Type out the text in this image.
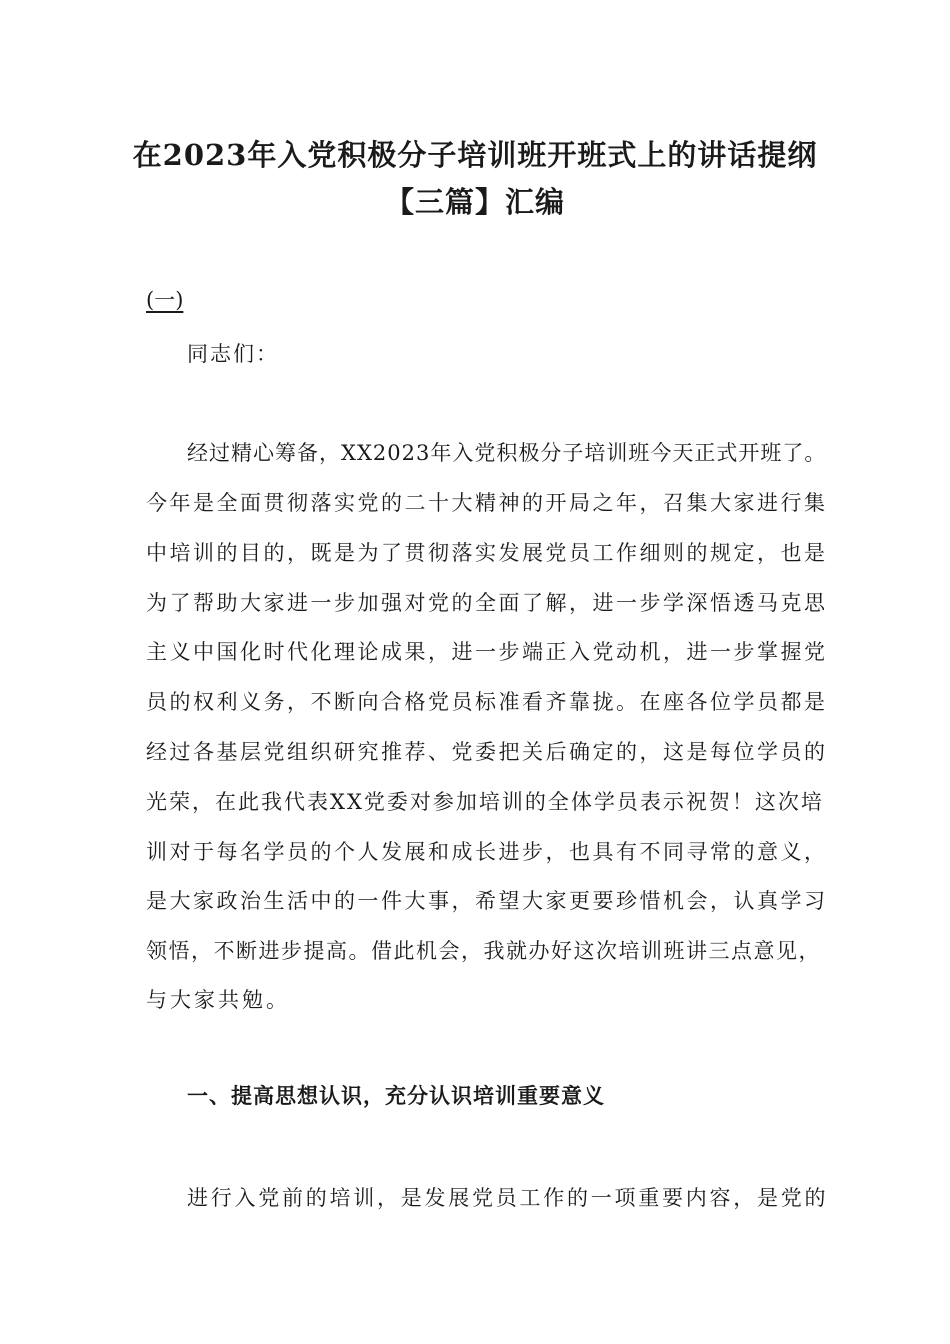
在2023年入党积极分子培训班开班式上的讲话提纲
【三篇】汇编
(一)
同志们：
经过精心筹备，XX2023年入党积极分子培训班今天正式开班了。
今年是全面贯彻落实党的二十大精神的开局之年，召集大家进行集
中培训的目的，既是为了贯彻落实发展党员工作细则的规定，也是
为了帮助大家进一步加强对党的全面了解，进一步学深悟透马克思
主义中国化时代化理论成果，进一步端正入党动机，进一步掌握党
员的权利义务，不断向合格党员标准看齐靠拢。在座各位学员都是
经过各基层党组织研究推荐、党委把关后确定的，这是每位学员的
光荣，在此我代表XX党委对参加培训的全体学员表示祝贺！这次培
训对于每名学员的个人发展和成长进步，也具有不同寻常的意义，
是大家政治生活中的一件大事，希望大家更要珍惜机会，认真学习
领悟，不断进步提高。借此机会，我就办好这次培训班讲三点意见，
与大家共勉。
一、提高思想认识，充分认识培训重要意义
进行入党前的培训，是发展党员工作的一项重要内容，是党的
